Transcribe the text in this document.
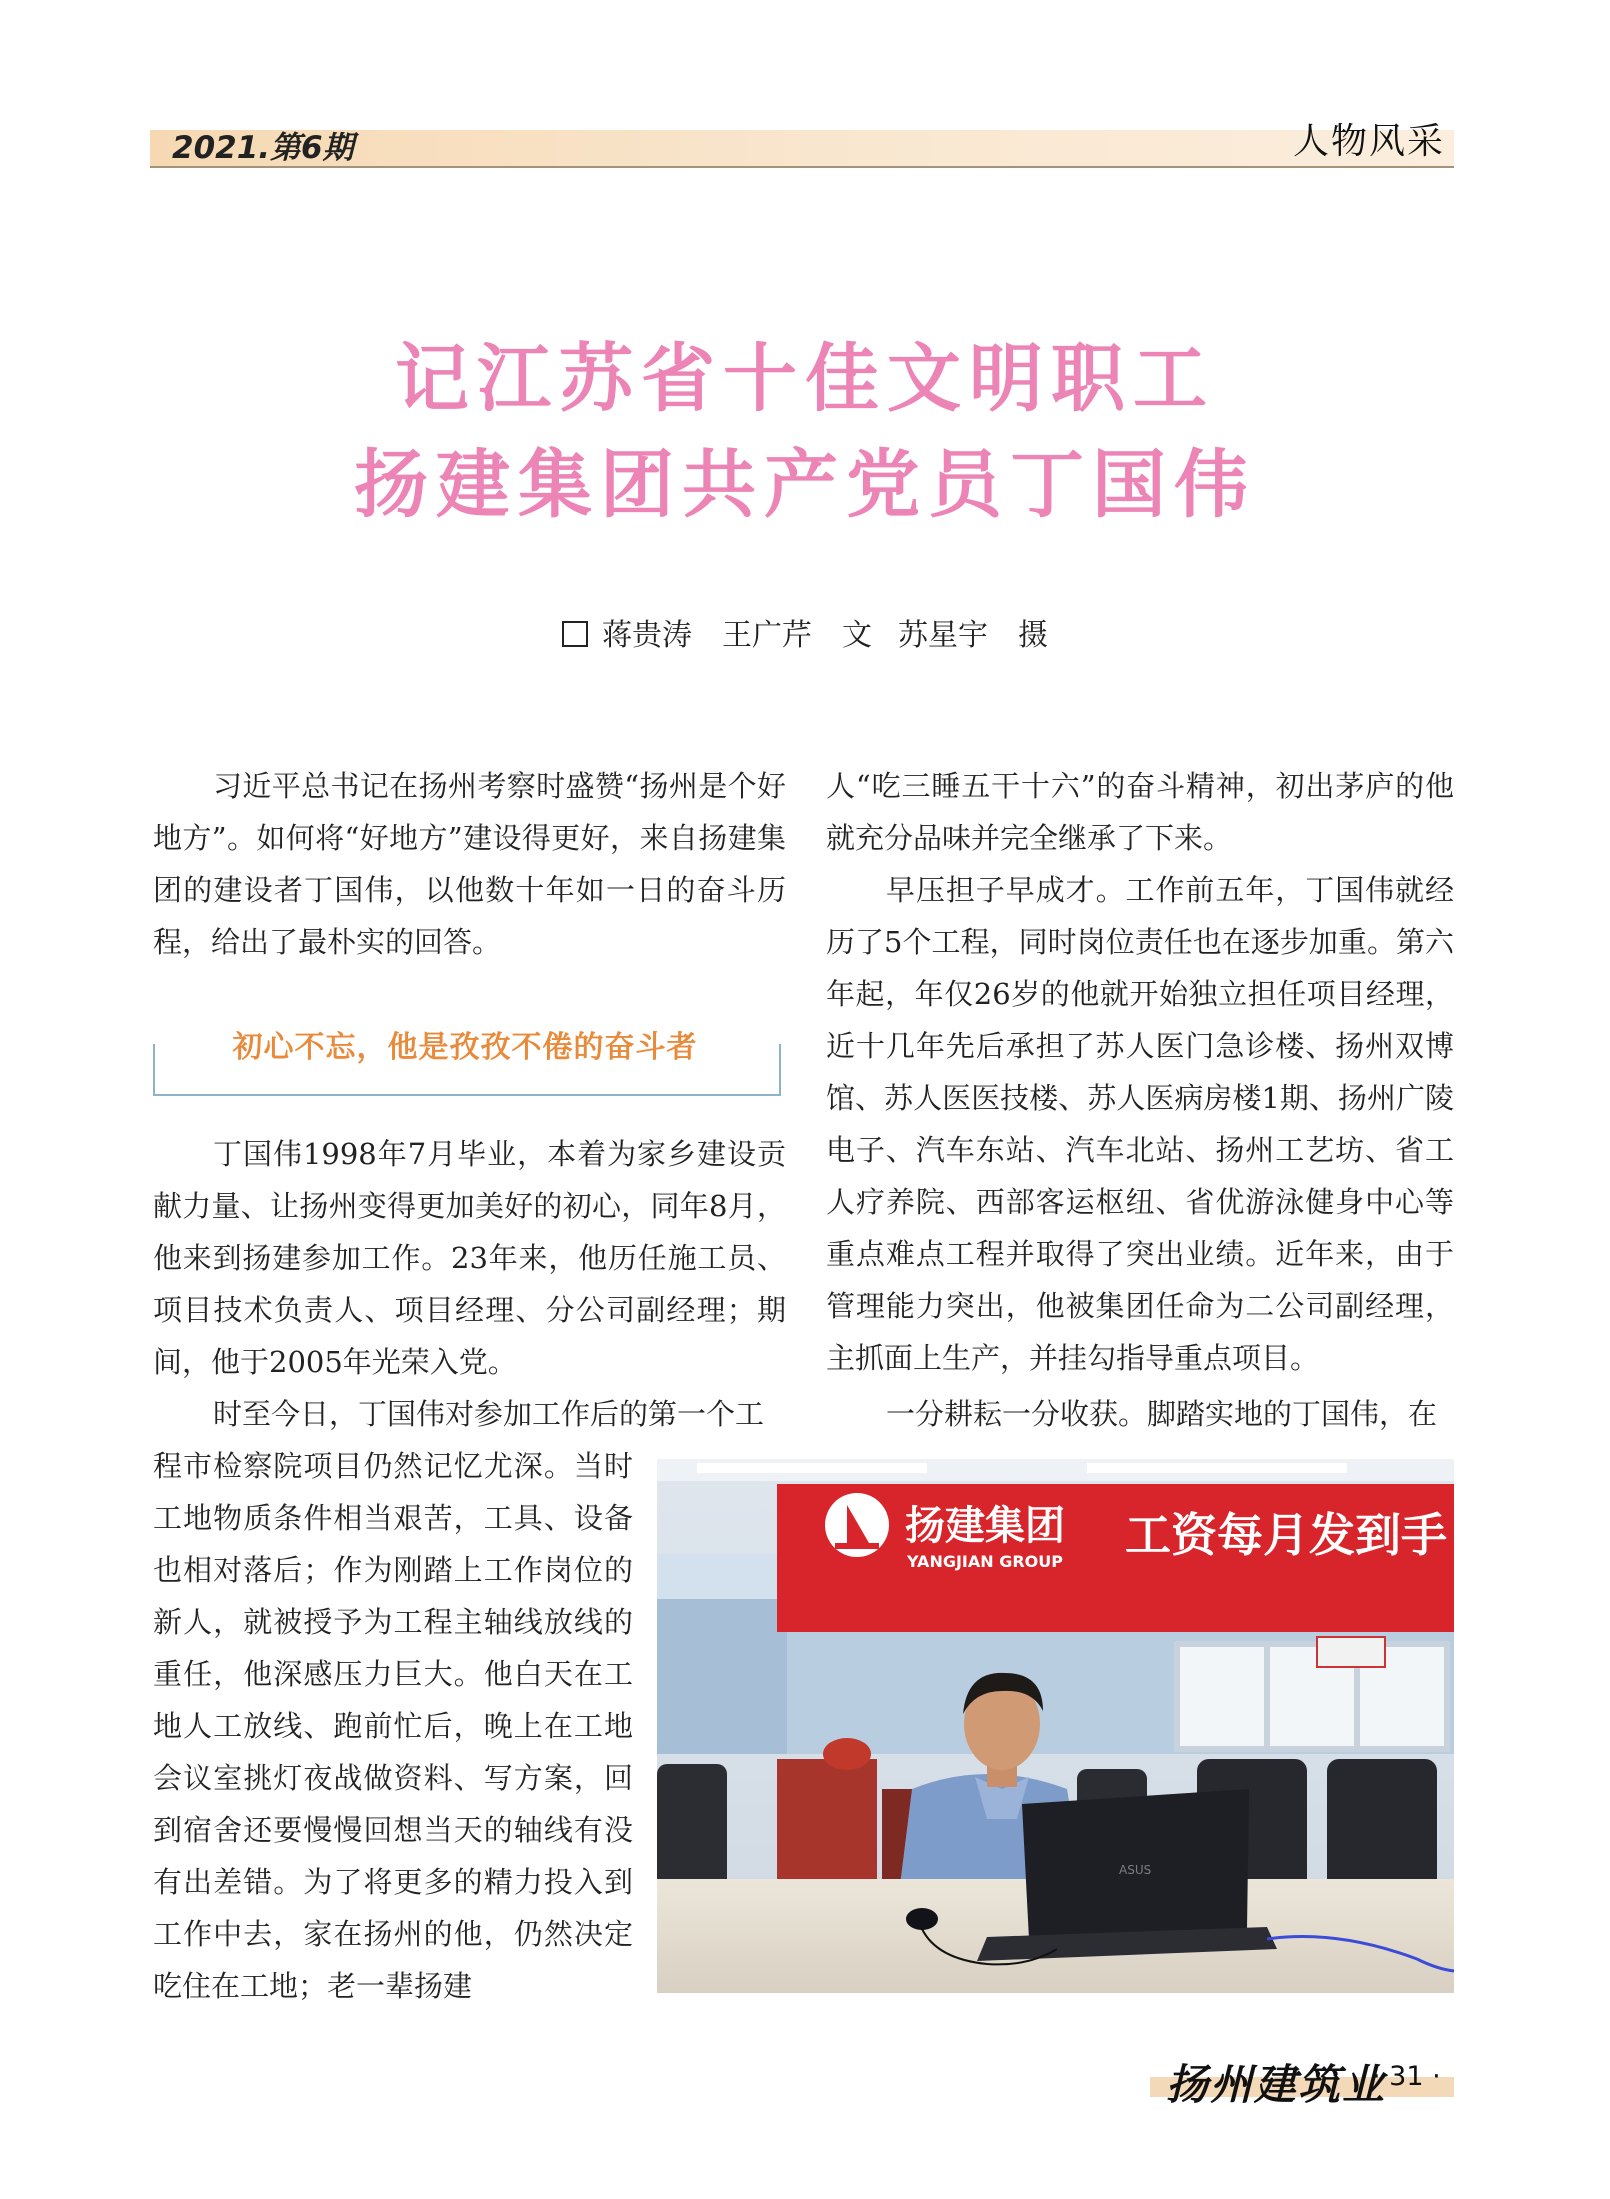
2021.第6期	人物风采
记江苏省十佳文明职工
扬建集团共产党员丁国伟
蒋贵涛　王广芹　文 苏星宇　摄

习近平总书记在扬州考察时盛赞“扬州是个好地方”。如何将“好地方”建设得更好，来自扬建集团的建设者丁国伟，以他数十年如一日的奋斗历程，给出了最朴实的回答。

初心不忘，他是孜孜不倦的奋斗者

丁国伟1998年7月毕业，本着为家乡建设贡献力量、让扬州变得更加美好的初心，同年8月，他来到扬建参加工作。23年来，他历任施工员、项目技术负责人、项目经理、分公司副经理；期间，他于2005年光荣入党。

时至今日，丁国伟对参加工作后的第一个工

程市检察院项目仍然记忆尤深。当时工地物质条件相当艰苦，工具、设备也相对落后；作为刚踏上工作岗位的新人，就被授予为工程主轴线放线的重任，他深感压力巨大。他白天在工地人工放线、跑前忙后，晚上在工地会议室挑灯夜战做资料、写方案，回到宿舍还要慢慢回想当天的轴线有没有出差错。为了将更多的精力投入到工作中去，家在扬州的他，仍然决定吃住在工地；老一辈扬建

人“吃三睡五干十六”的奋斗精神，初出茅庐的他就充分品味并完全继承了下来。

早压担子早成才。工作前五年，丁国伟就经历了5个工程，同时岗位责任也在逐步加重。第六年起，年仅26岁的他就开始独立担任项目经理，近十几年先后承担了苏人医门急诊楼、扬州双博馆、苏人医医技楼、苏人医病房楼1期、扬州广陵电子、汽车东站、汽车北站、扬州工艺坊、省工人疗养院、西部客运枢纽、省优游泳健身中心等重点难点工程并取得了突出业绩。近年来，由于管理能力突出，他被集团任命为二公司副经理，主抓面上生产，并挂勾指导重点项目。

一分耕耘一分收获。脚踏实地的丁国伟，在

扬建集团
YANGJIAN GROUP 工资每月发到手 回家
ASUS
扬州建筑业
· 31 ·
